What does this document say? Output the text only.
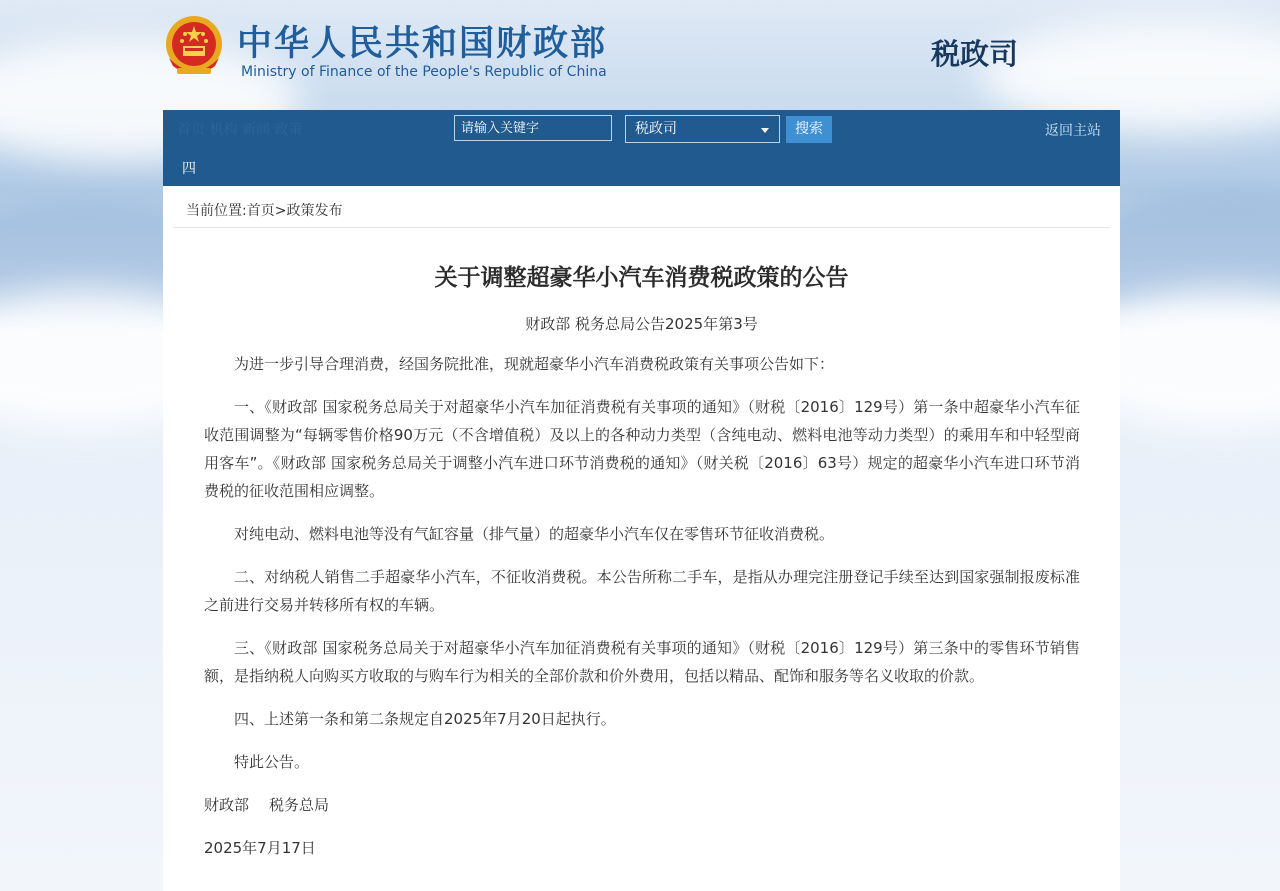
中华人民共和国财政部
Ministry of Finance of the People's Republic of China
税政司
首页 机构 新闻 政策
请输入关键字	税政司	搜索	返回主站
四
当前位置:首页>政策发布
关于调整超豪华小汽车消费税政策的公告
财政部 税务总局公告2025年第3号

为进一步引导合理消费，经国务院批准，现就超豪华小汽车消费税政策有关事项公告如下：

一、《财政部 国家税务总局关于对超豪华小汽车加征消费税有关事项的通知》（财税〔2016〕129号）第一条中超豪华小汽车征收范围调整为“每辆零售价格90万元（不含增值税）及以上的各种动力类型（含纯电动、燃料电池等动力类型）的乘用车和中轻型商用客车”。《财政部 国家税务总局关于调整小汽车进口环节消费税的通知》（财关税〔2016〕63号）规定的超豪华小汽车进口环节消费税的征收范围相应调整。

对纯电动、燃料电池等没有气缸容量（排气量）的超豪华小汽车仅在零售环节征收消费税。

二、对纳税人销售二手超豪华小汽车，不征收消费税。本公告所称二手车，是指从办理完注册登记手续至达到国家强制报废标准之前进行交易并转移所有权的车辆。

三、《财政部 国家税务总局关于对超豪华小汽车加征消费税有关事项的通知》（财税〔2016〕129号）第三条中的零售环节销售额，是指纳税人向购买方收取的与购车行为相关的全部价款和价外费用，包括以精品、配饰和服务等名义收取的价款。

四、上述第一条和第二条规定自2025年7月20日起执行。

特此公告。

财政部 税务总局

2025年7月17日
